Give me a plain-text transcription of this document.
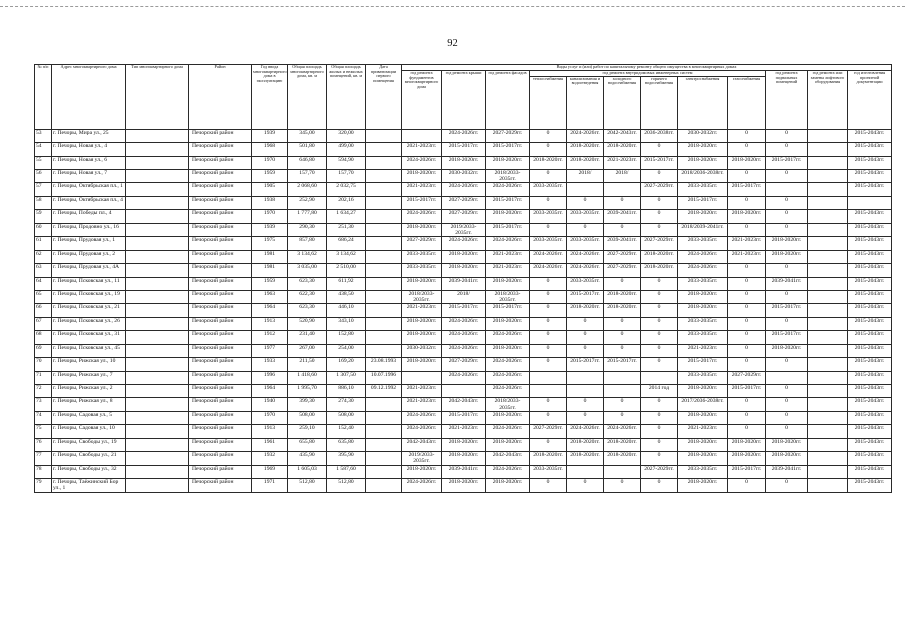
92
№ п/п	Адрес многоквартирного дома	Тип многоквартирного дома	Район	Год ввода многоквартирного дома в эксплуатацию	Общая площадь многоквартирного дома, кв. м	Общая площадь жилых и нежилых помещений, кв. м	Дата приватизации первого помещения	Виды услуг и (или) работ по капитальному ремонту общего имущества в многоквартирных домах											
								год ремонта фундаментов многоквартирного дома	год ремонта крыши	год ремонта фасадов	год ремонта внутридомовых инженерных систем						год ремонта подвальных помещений	год ремонта или замены лифтового оборудования	год изготовления проектной документации
											теплоснабжения	канализования и водоотведения	холодного водоснабжения	горячего водоснабжения	электроснабжения	газоснабжения			
53	г. Печоры, Мира ул., 25		Печорский район	1939	345,00	320,00			2024-2026гг.	2027-2029гг.	0	2024-2026гг.	2042-2043гг.	2036-2038гг.	2030-2032гг.	0	0		2015-2043гг.
54	г. Печоры, Новая ул., 4		Печорский район	1968	501,80	499,00		2021-2023гг.	2015-2017гг.	2015-2017гг.	0	2018-2020гг.	2018-2020гг.	0	2018-2020гг.	0	0		2015-2043гг.
55	г. Печоры, Новая ул., 6		Печорский район	1970	646,80	594,90		2024-2026гг.	2018-2020гг.	2018-2020гг.	2018-2020гг.	2018-2020гг.	2021-2023гг.	2015-2017гг.	2018-2020гг.	2018-2020гг.	2015-2017гг.		2015-2043гг.
56	г. Печоры, Новая ул., 7		Печорский район	1959	157,70	157,70		2018-2020гг.	2030-2032гг.	2018/2033-2035гг.	0	2018/	2018/	0	2018/2036-2038гг.	0	0		2015-2043гг.
57	г. Печоры, Октябрьская пл., 1		Печорский район	1905	2 068,60	2 032,75		2021-2023гг.	2024-2026гг.	2024-2026гг.	2033-2035гг.			2027-2029гг.	2033-2035гг.	2015-2017гг.			2015-2043гг.
58	г. Печоры, Октябрьская пл., 4		Печорский район	1938	252,90	202,16		2015-2017гг.	2027-2029гг.	2015-2017гг.	0	0	0	0	2015-2017гг.	0	0		
59	г. Печоры, Победы пл., 4		Печорский район	1970	1 777,80	1 634,27		2024-2026гг.	2027-2029гг.	2018-2020гг.	2033-2035гг.	2033-2035гг.	2039-2041гг.	0	2018-2020гг.	2018-2020гг.	0		2015-2043гг.
60	г. Печоры, Продовно ул., 16		Печорский район	1939	290,30	251,30		2018-2020гг.	2019/2033-2035гг.	2015-2017гг.	0	0	0	0	2018/2039-2041гг.	0	0		2015-2043гг.
61	г. Печоры, Прудовая ул., 1		Печорский район	1975	857,80	686,24		2027-2029гг.	2024-2026гг.	2024-2026гг.	2033-2035гг.	2033-2035гг.	2039-2041гг.	2027-2029гг.	2033-2035гг.	2021-2023гг.	2018-2020гг.		2015-2043гг.
62	г. Печоры, Прудовая ул., 2		Печорский район	1981	3 134,62	3 134,62		2033-2035гг.	2018-2020гг.	2021-2023гг.	2024-2026гг.	2024-2026гг.	2027-2029гг.	2018-2020гг.	2024-2026гг.	2021-2023гг.	2018-2020гг.		2015-2043гг.
63	г. Печоры, Прудовая ул., 4А		Печорский район	1981	3 035,00	2 510,00		2033-2035гг.	2018-2020гг.	2021-2023гг.	2024-2026гг.	2024-2026гг.	2027-2029гг.	2018-2020гг.	2024-2026гг.	0	0		2015-2043гг.
64	г. Печоры, Псковская ул., 11		Печорский район	1959	623,30	611,92		2018-2020гг.	2039-2041гг.	2018-2020гг.	0	2033-2035гг.	0	0	2033-2035гг.	0	2039-2041гг.		2015-2043гг.
65	г. Печоры, Псковская ул., 19		Печорский район	1963	622,30	438,50		2018/2033-2035гг.	2018/	2018/2033-2035гг.	0	2015-2017гг.	2018-2020гг.	0	2018-2020гг.	0	0		2015-2043гг.
66	г. Печоры, Псковская ул., 21		Печорский район	1964	623,30	446,10		2021-2023гг.	2015-2017гг.	2015-2017гг.	0	2018-2020гг.	2018-2020гг.	0	2018-2020гг.	0	2015-2017гг.		2015-2043гг.
67	г. Печоры, Псковская ул., 26		Печорский район	1913	520,90	343,10		2018-2020гг.	2024-2026гг.	2018-2020гг.	0	0	0	0	2033-2035гг.	0	0		2015-2043гг.
68	г. Печоры, Псковская ул., 31		Печорский район	1912	231,40	152,80		2018-2020гг.	2024-2026гг.	2024-2026гг.	0	0	0	0	2033-2035гг.	0	2015-2017гг.		2015-2043гг.
69	г. Печоры, Псковская ул., 45		Печорский район	1977	267,00	254,00		2030-2032гг.	2024-2026гг.	2018-2020гг.	0	0	0	0	2021-2023гг.	0	2018-2020гг.		2015-2043гг.
70	г. Печоры, Рижская ул., 10		Печорский район	1933	211,50	169,20	23.08.1993	2018-2020гг.	2027-2029гг.	2024-2026гг.	0	2015-2017гг.	2015-2017гг.	0	2015-2017гг.	0	0		2015-2043гг.
71	г. Печоры, Рижская ул., 7		Печорский район	1996	1 418,60	1 307,50	10.07.1996		2024-2026гг.	2024-2026гг.					2033-2035гг.	2027-2029гг.			2015-2043гг.
72	г. Печоры, Рижская ул., 2		Печорский район	1964	1 995,70	886,10	09.12.1992	2021-2023гг.		2024-2026гг.				2014 год	2018-2020гг.	2015-2017гг.	0		2015-2043гг.
73	г. Печоры, Рижская ул., 8		Печорский район	1940	399,30	274,30		2021-2023гг.	2042-2043гг.	2018/2033-2035гг.	0	0	0	0	2017/2036-2038гг.	0	0		2015-2043гг.
74	г. Печоры, Садовая ул., 5		Печорский район	1970	508,00	508,00		2024-2026гг.	2015-2017гг.	2018-2020гг.	0	0	0	0	2018-2020гг.	0	0		2015-2043гг.
75	г. Печоры, Садовая ул., 10		Печорский район	1913	259,10	152,40		2024-2026гг.	2021-2023гг.	2024-2026гг.	2027-2029гг.	2024-2026гг.	2024-2026гг.	0	2021-2023гг.	0	0		2015-2043гг.
76	г. Печоры, Свободы ул., 19		Печорский район	1961	655,80	635,80		2042-2043гг.	2018-2020гг.	2018-2020гг.	0	2018-2020гг.	2018-2020гг.	0	2018-2020гг.	2018-2020гг.	2018-2020гг.		2015-2043гг.
77	г. Печоры, Свободы ул., 21		Печорский район	1932	435,90	395,90		2019/2033-2035гг.	2018-2020гг.	2042-2043гг.	2018-2020гг.	2018-2020гг.	2018-2020гг.	0	2018-2020гг.	2018-2020гг.	2018-2020гг.		2015-2043гг.
78	г. Печоры, Свободы ул., 32		Печорский район	1969	1 605,03	1 587,60		2018-2020гг.	2039-2041гг.	2024-2026гг.	2033-2035гг.			2027-2029гг.	2033-2035гг.	2015-2017гг.	2039-2041гг.		2015-2043гг.
79	г. Печоры, Таёжинский Бор ул., 1		Печорский район	1971	512,80	512,80		2024-2026гг.	2018-2020гг.	2018-2020гг.	0	0	0	0	2018-2020гг.	0	0		2015-2043гг.
